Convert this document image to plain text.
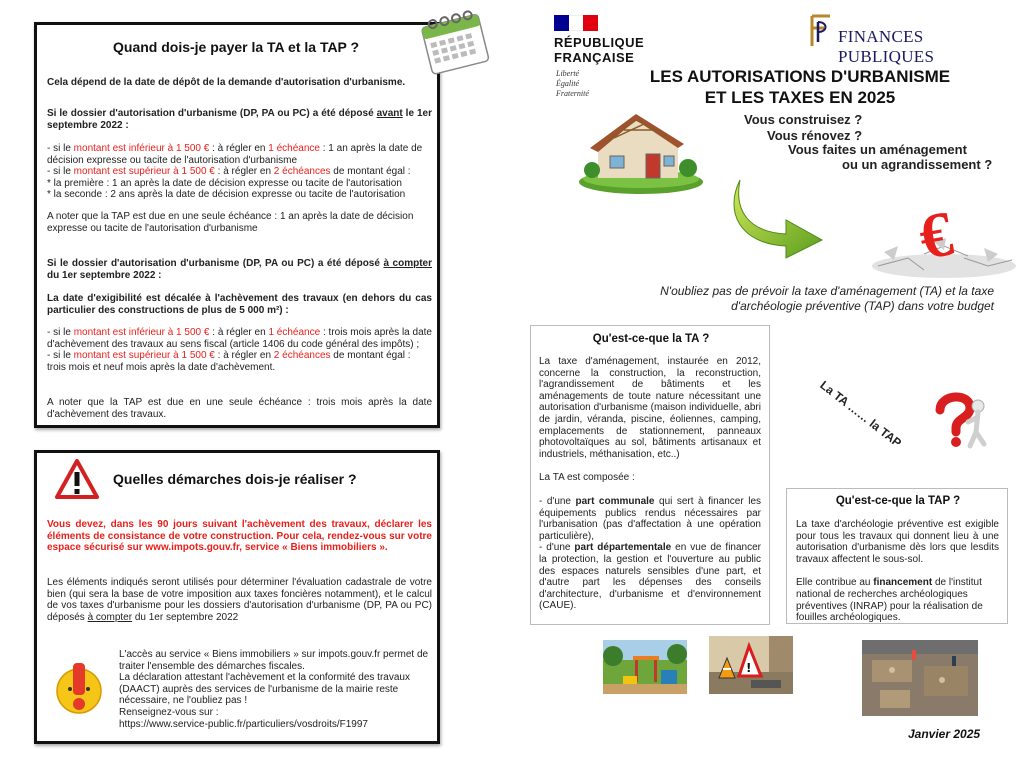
Quand dois-je payer la TA et la TAP ?

Cela dépend de la date de dépôt de la demande d'autorisation d'urbanisme.

Si le dossier d'autorisation d'urbanisme (DP, PA ou PC) a été déposé avant le 1er septembre 2022 :

- si le montant est inférieur à 1 500 € : à régler en 1 échéance : 1 an après la date de décision expresse ou tacite de l'autorisation d'urbanisme

- si le montant est supérieur à 1 500 € : à régler en 2 échéances de montant égal :

* la première : 1 an après la date de décision expresse ou tacite de l'autorisation

* la seconde : 2 ans après la date de décision expresse ou tacite de l'autorisation

A noter que la TAP est due en une seule échéance : 1 an après la date de décision expresse ou tacite de l'autorisation d'urbanisme

Si le dossier d'autorisation d'urbanisme (DP, PA ou PC) a été déposé à compter du 1er septembre 2022 :

La date d'exigibilité est décalée à l'achèvement des travaux (en dehors du cas particulier des constructions de plus de 5 000 m²) :

- si le montant est inférieur à 1 500 € : à régler en 1 échéance : trois mois après la date d'achèvement des travaux au sens fiscal (article 1406 du code général des impôts) ;

- si le montant est supérieur à 1 500 € : à régler en 2 échéances de montant égal : trois mois et neuf mois après la date d'achèvement.

A noter que la TAP est due en une seule échéance : trois mois après la date d'achèvement des travaux.

Quelles démarches dois-je réaliser ?

Vous devez, dans les 90 jours suivant l'achèvement des travaux, déclarer les éléments de consistance de votre construction. Pour cela, rendez-vous sur votre espace sécurisé sur www.impots.gouv.fr, service « Biens immobiliers ».

Les éléments indiqués seront utilisés pour déterminer l'évaluation cadastrale de votre bien (qui sera la base de votre imposition aux taxes foncières notamment), et le calcul de vos taxes d'urbanisme pour les dossiers d'autorisation d'urbanisme (DP, PA ou PC) déposés à compter du 1er septembre 2022

L'accès au service « Biens immobiliers » sur impots.gouv.fr permet de traiter l'ensemble des démarches fiscales.

La déclaration attestant l'achèvement et la conformité des travaux (DAACT) auprès des services de l'urbanisme de la mairie reste nécessaire, ne l'oubliez pas !

Renseignez-vous sur :

https://www.service-public.fr/particuliers/vosdroits/F1997

RÉPUBLIQUE
FRANÇAISE
Liberté
Égalité
Fraternité
FINANCES PUBLIQUES
LES AUTORISATIONS D'URBANISME
ET LES TAXES EN 2025
Vous construisez ?
Vous rénovez ?
Vous faites un aménagement
ou un agrandissement ?
€
N'oubliez pas de prévoir la taxe d'aménagement (TA) et la taxe d'archéologie préventive (TAP) dans votre budget
Qu'est-ce-que la TA ?

La taxe d'aménagement, instaurée en 2012, concerne la construction, la reconstruction, l'agrandissement de bâtiments et les aménagements de toute nature nécessitant une autorisation d'urbanisme (maison individuelle, abri de jardin, véranda, piscine, éoliennes, camping, emplacements de stationnement, panneaux photovoltaïques au sol, bâtiments artisanaux et industriels, méthanisation, etc..)

La TA est composée :

- d'une part communale qui sert à financer les équipements publics rendus nécessaires par l'urbanisation (pas d'affectation à une opération particulière),

- d'une part départementale en vue de financer la protection, la gestion et l'ouverture au public des espaces naturels sensibles d'une part, et d'autre part les dépenses des conseils d'architecture, d'urbanisme et d'environnement (CAUE).

La TA …… la TAP
Qu'est-ce-que la TAP ?

La taxe d'archéologie préventive est exigible pour tous les travaux qui donnent lieu à une autorisation d'urbanisme dès lors que lesdits travaux affectent le sous-sol.

Elle contribue au financement de l'institut national de recherches archéologiques préventives (INRAP) pour la réalisation de fouilles archéologiques.

!
Janvier 2025
